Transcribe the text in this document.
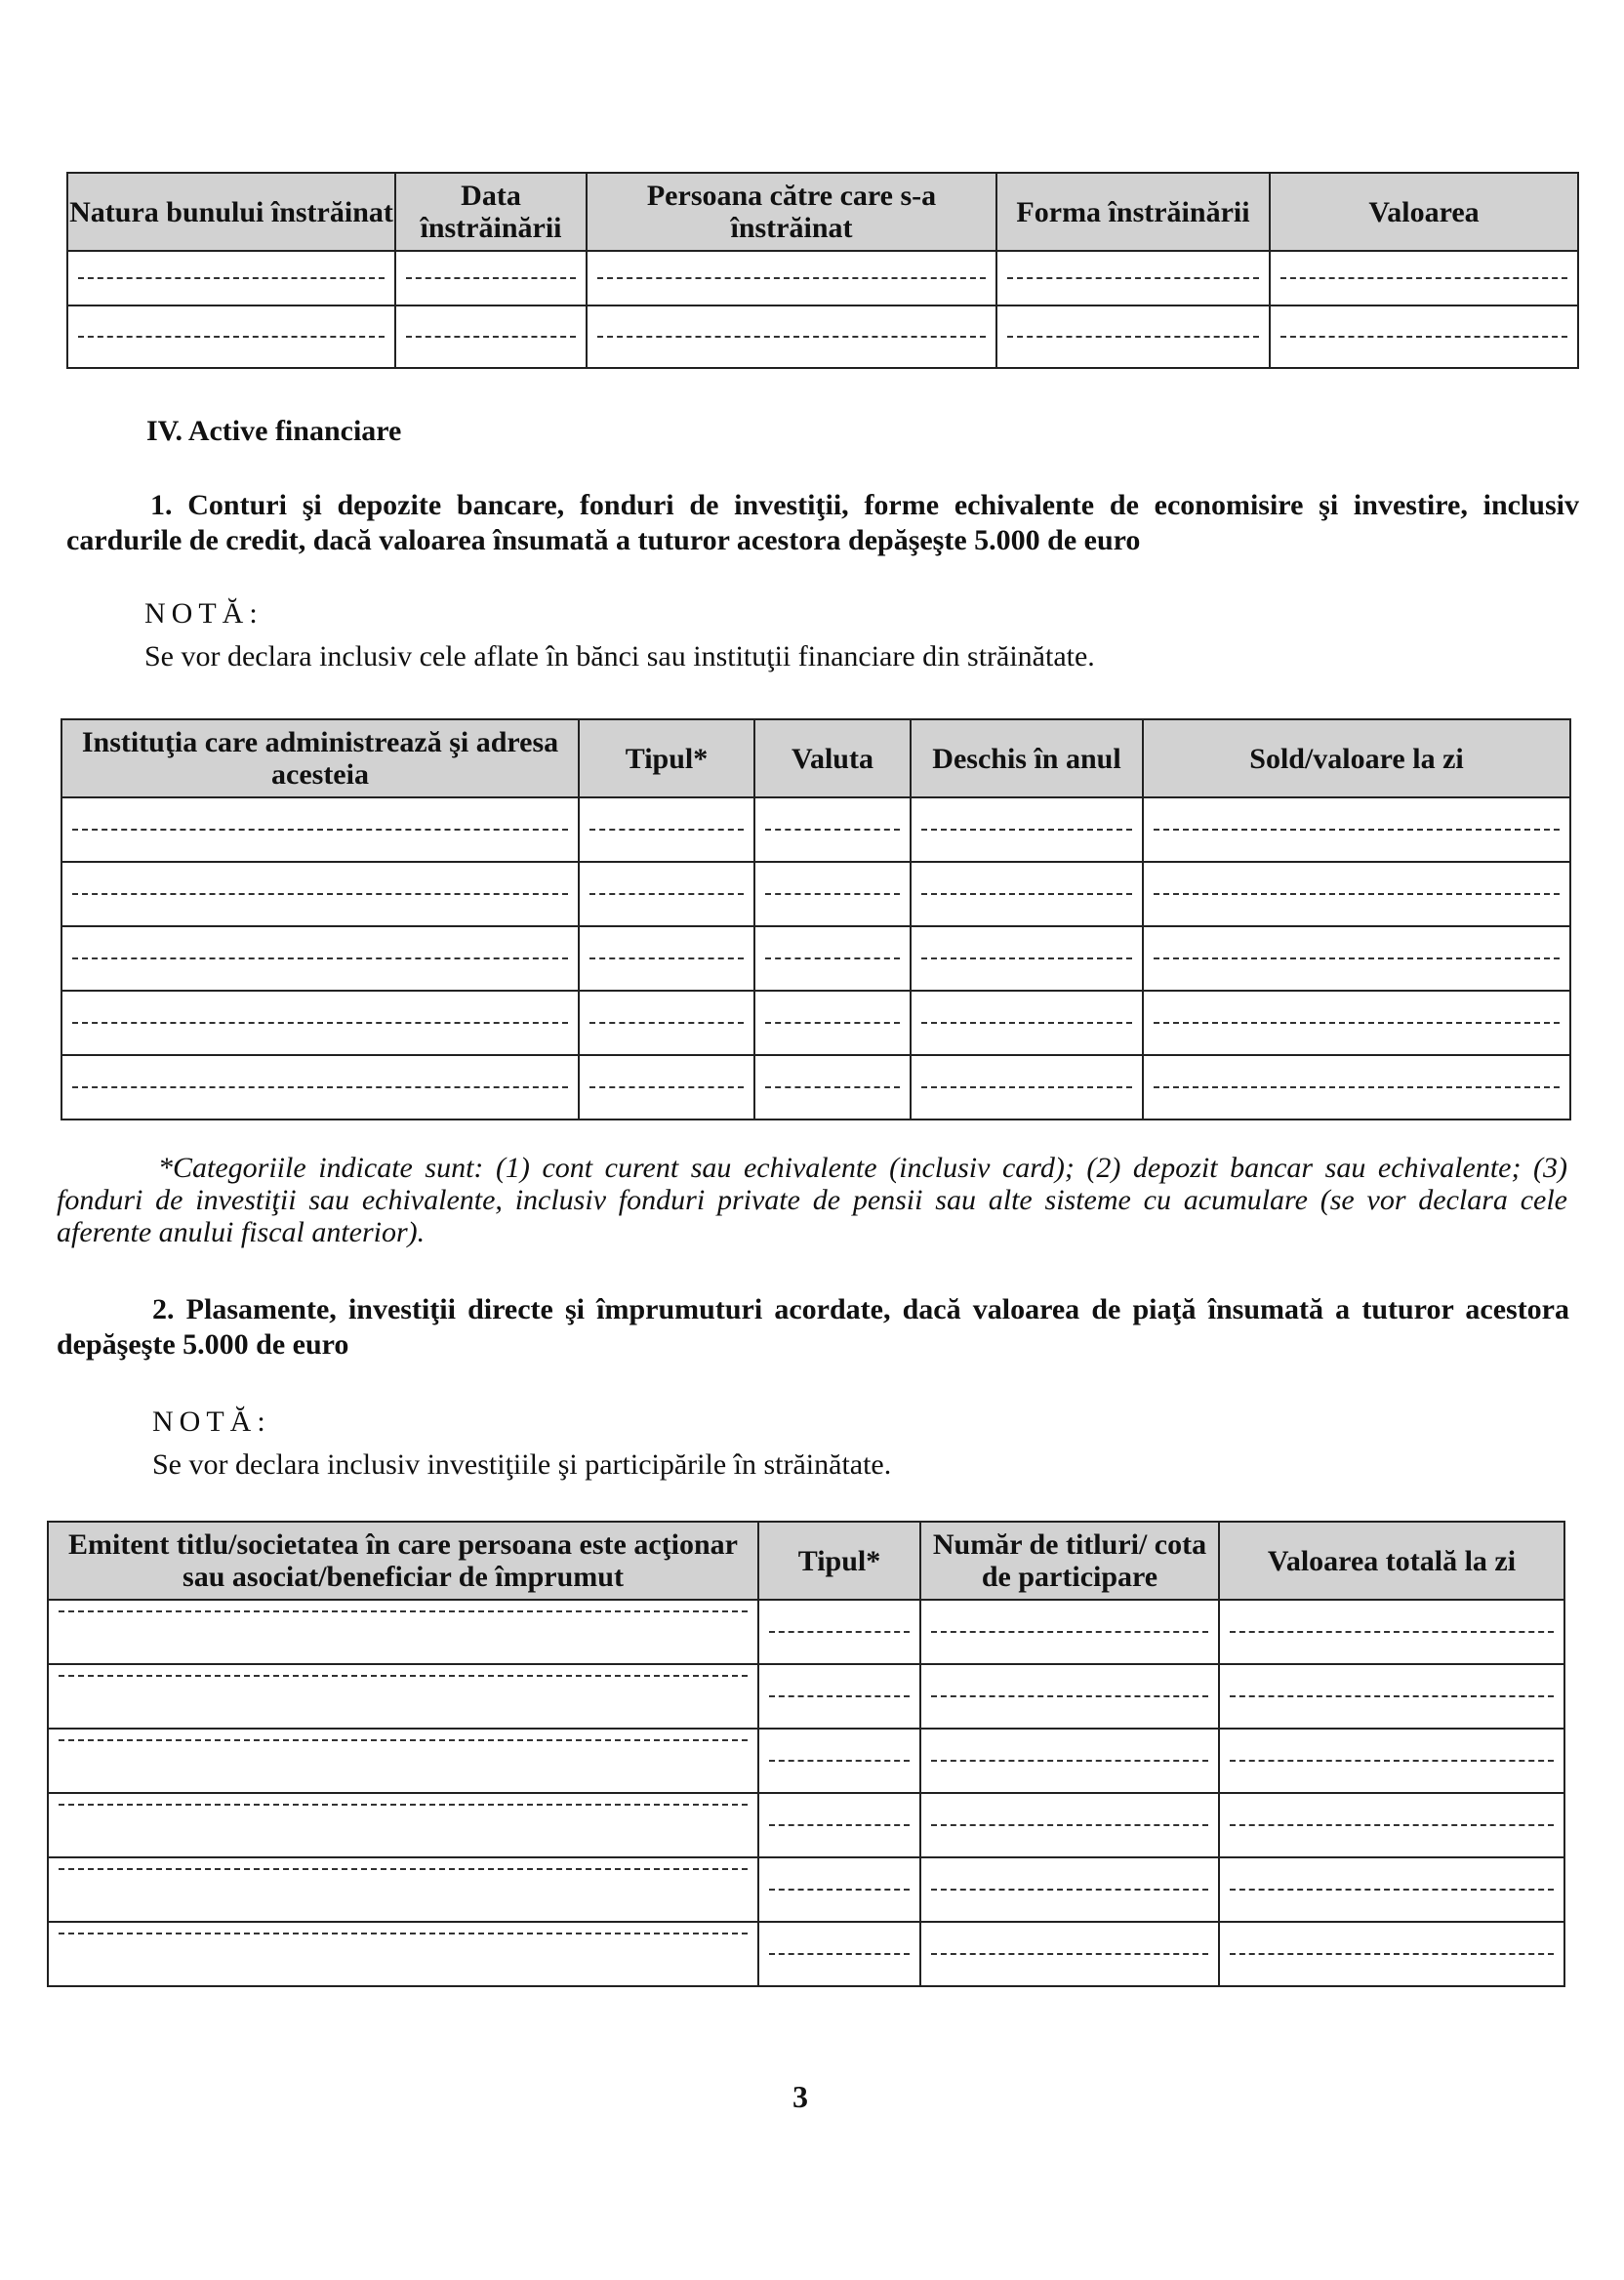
Natura bunului înstrăinat	Data înstrăinării	Persoana către care s-a înstrăinat	Forma înstrăinării	Valoarea

IV. Active financiare
1. Conturi şi depozite bancare, fonduri de investiţii, forme echivalente de economisire şi investire, inclusiv cardurile de credit, dacă valoarea însumată a tuturor acestora depăşeşte 5.000 de euro
NOTĂ:
Se vor declara inclusiv cele aflate în bănci sau instituţii financiare din străinătate.
Instituţia care administrează şi adresa acesteia	Tipul*	Valuta	Deschis în anul	Sold/valoare la zi

*Categoriile indicate sunt: (1) cont curent sau echivalente (inclusiv card); (2) depozit bancar sau echivalente; (3) fonduri de investiţii sau echivalente, inclusiv fonduri private de pensii sau alte sisteme cu acumulare (se vor declara cele aferente anului fiscal anterior).
2. Plasamente, investiţii directe şi împrumuturi acordate, dacă valoarea de piaţă însumată a tuturor acestora depăşeşte 5.000 de euro
NOTĂ:
Se vor declara inclusiv investiţiile şi participările în străinătate.
Emitent titlu/societatea în care persoana este acţionar sau asociat/beneficiar de împrumut	Tipul*	Număr de titluri/ cota de participare	Valoarea totală la zi

3
